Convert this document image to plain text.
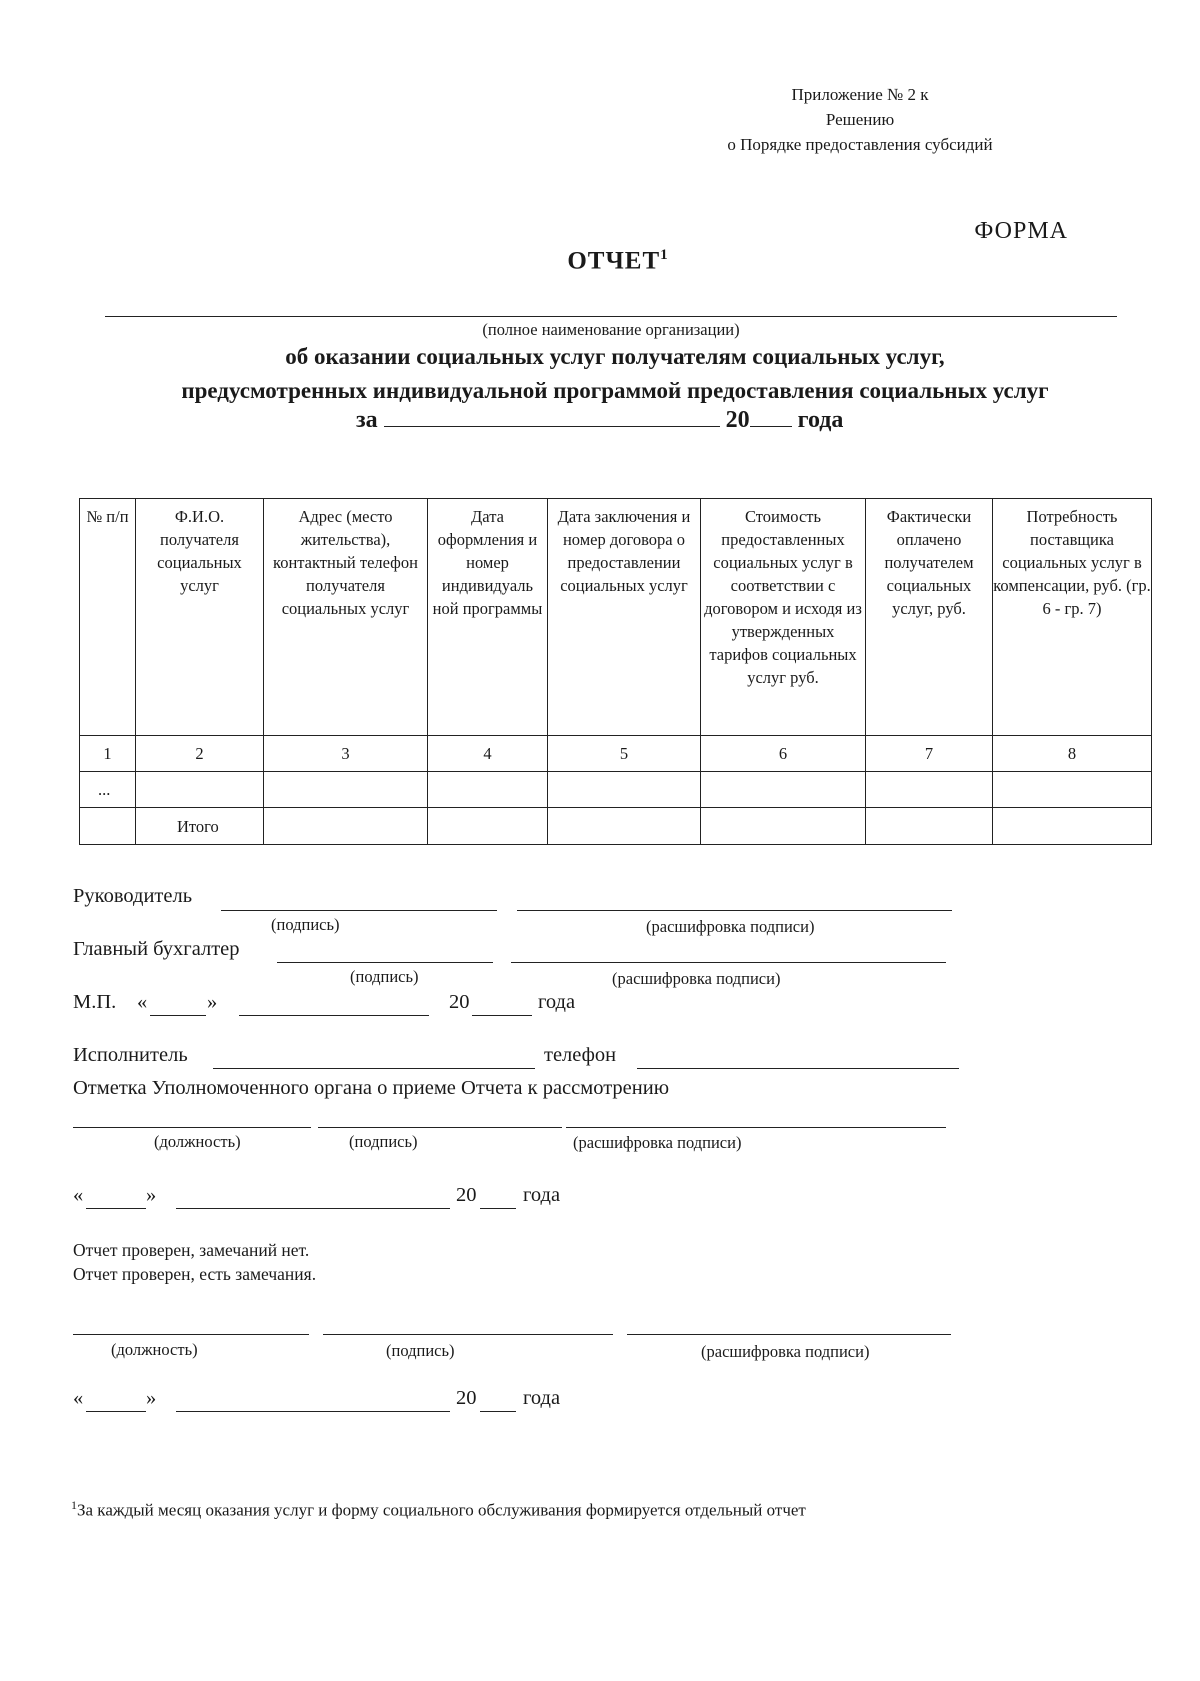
Приложение № 2 к
Решению
о Порядке предоставления субсидий
ФОРМА
ОТЧЕТ$^1$
(полное наименование организации)
об оказании социальных услуг получателям социальных услуг,
предусмотренных индивидуальной программой предоставления социальных услуг
за	20 года
№ п/п	Ф.И.О. получателя социальных услуг	Адрес (место жительства), контактный телефон получателя социальных услуг	Дата оформления и номер индивидуаль ной программы	Дата заключения и номер договора о предоставлении социальных услуг	Стоимость предоставленных социальных услуг в соответствии с договором и исходя из утвержденных тарифов социальных услуг руб.	Фактически оплачено получателем социальных услуг, руб.	Потребность поставщика социальных услуг в компенсации, руб. (гр. 6 - гр. 7)
1	2	3	4	5	6	7	8
...							
	Итого						
Руководитель
(подпись)	(расшифровка подписи)
Главный бухгалтер
(подпись)	(расшифровка подписи)
М.П. «	»	20	года
Исполнитель	телефон
Отметка Уполномоченного органа о приеме Отчета к рассмотрению
(должность)	(подпись)	(расшифровка подписи)
«	»	20 года
Отчет проверен, замечаний нет.
Отчет проверен, есть замечания.
(должность)	(подпись)	(расшифровка подписи)
«	»	20 года
$^1$За каждый месяц оказания услуг и форму социального обслуживания формируется отдельный отчет
